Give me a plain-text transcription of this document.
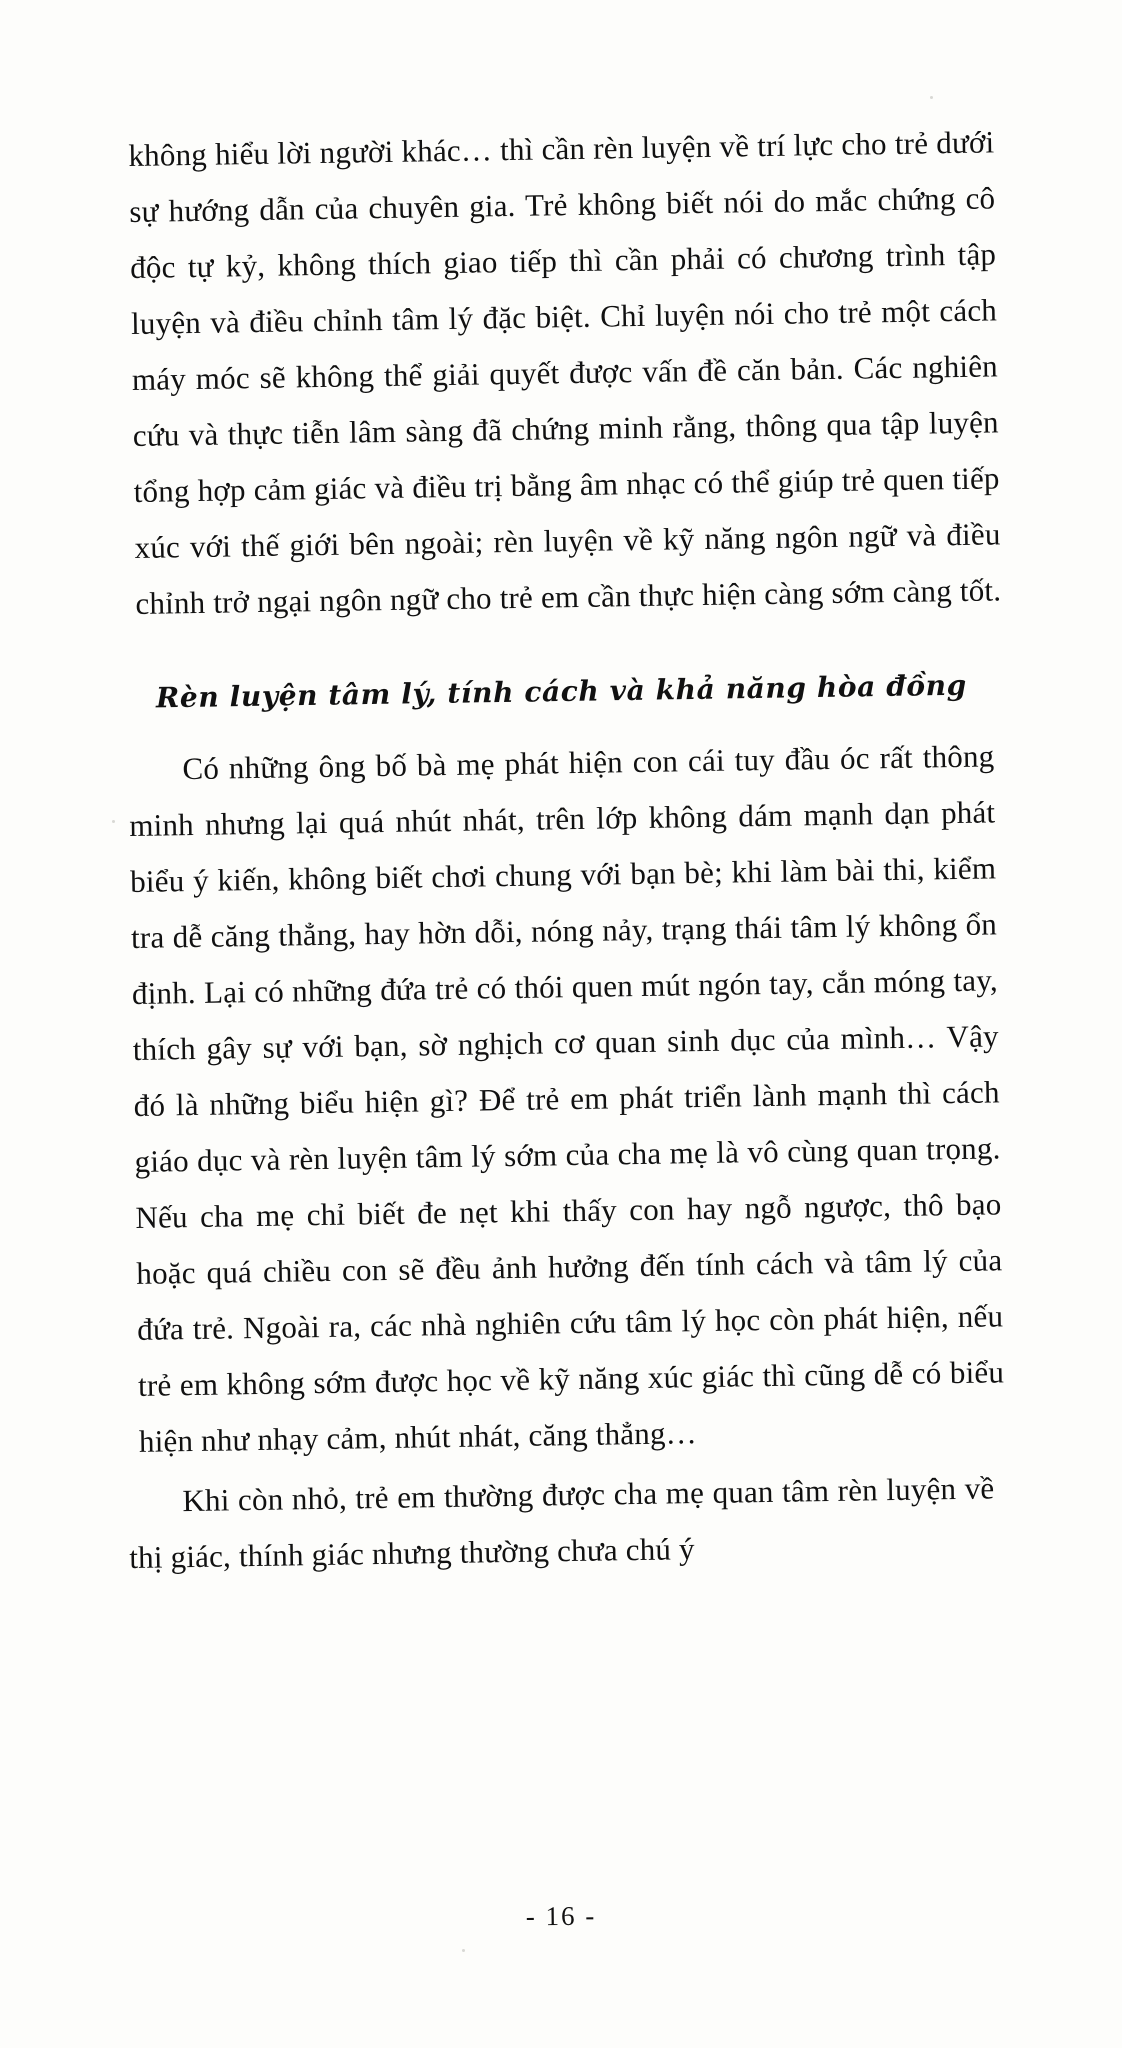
không hiểu lời người khác… thì cần rèn luyện về trí lực cho trẻ dưới sự hướng dẫn của chuyên gia. Trẻ không biết nói do mắc chứng cô độc tự kỷ, không thích giao tiếp thì cần phải có chương trình tập luyện và điều chỉnh tâm lý đặc biệt. Chỉ luyện nói cho trẻ một cách máy móc sẽ không thể giải quyết được vấn đề căn bản. Các nghiên cứu và thực tiễn lâm sàng đã chứng minh rằng, thông qua tập luyện tổng hợp cảm giác và điều trị bằng âm nhạc có thể giúp trẻ quen tiếp xúc với thế giới bên ngoài; rèn luyện về kỹ năng ngôn ngữ và điều chỉnh trở ngại ngôn ngữ cho trẻ em cần thực hiện càng sớm càng tốt.

Rèn luyện tâm lý, tính cách và khả năng hòa đồng

Có những ông bố bà mẹ phát hiện con cái tuy đầu óc rất thông minh nhưng lại quá nhút nhát, trên lớp không dám mạnh dạn phát biểu ý kiến, không biết chơi chung với bạn bè; khi làm bài thi, kiểm tra dễ căng thẳng, hay hờn dỗi, nóng nảy, trạng thái tâm lý không ổn định. Lại có những đứa trẻ có thói quen mút ngón tay, cắn móng tay, thích gây sự với bạn, sờ nghịch cơ quan sinh dục của mình… Vậy đó là những biểu hiện gì? Để trẻ em phát triển lành mạnh thì cách giáo dục và rèn luyện tâm lý sớm của cha mẹ là vô cùng quan trọng. Nếu cha mẹ chỉ biết đe nẹt khi thấy con hay ngỗ ngược, thô bạo hoặc quá chiều con sẽ đều ảnh hưởng đến tính cách và tâm lý của đứa trẻ. Ngoài ra, các nhà nghiên cứu tâm lý học còn phát hiện, nếu trẻ em không sớm được học về kỹ năng xúc giác thì cũng dễ có biểu hiện như nhạy cảm, nhút nhát, căng thẳng…

Khi còn nhỏ, trẻ em thường được cha mẹ quan tâm rèn luyện về thị giác, thính giác nhưng thường chưa chú ý

- 16 -
